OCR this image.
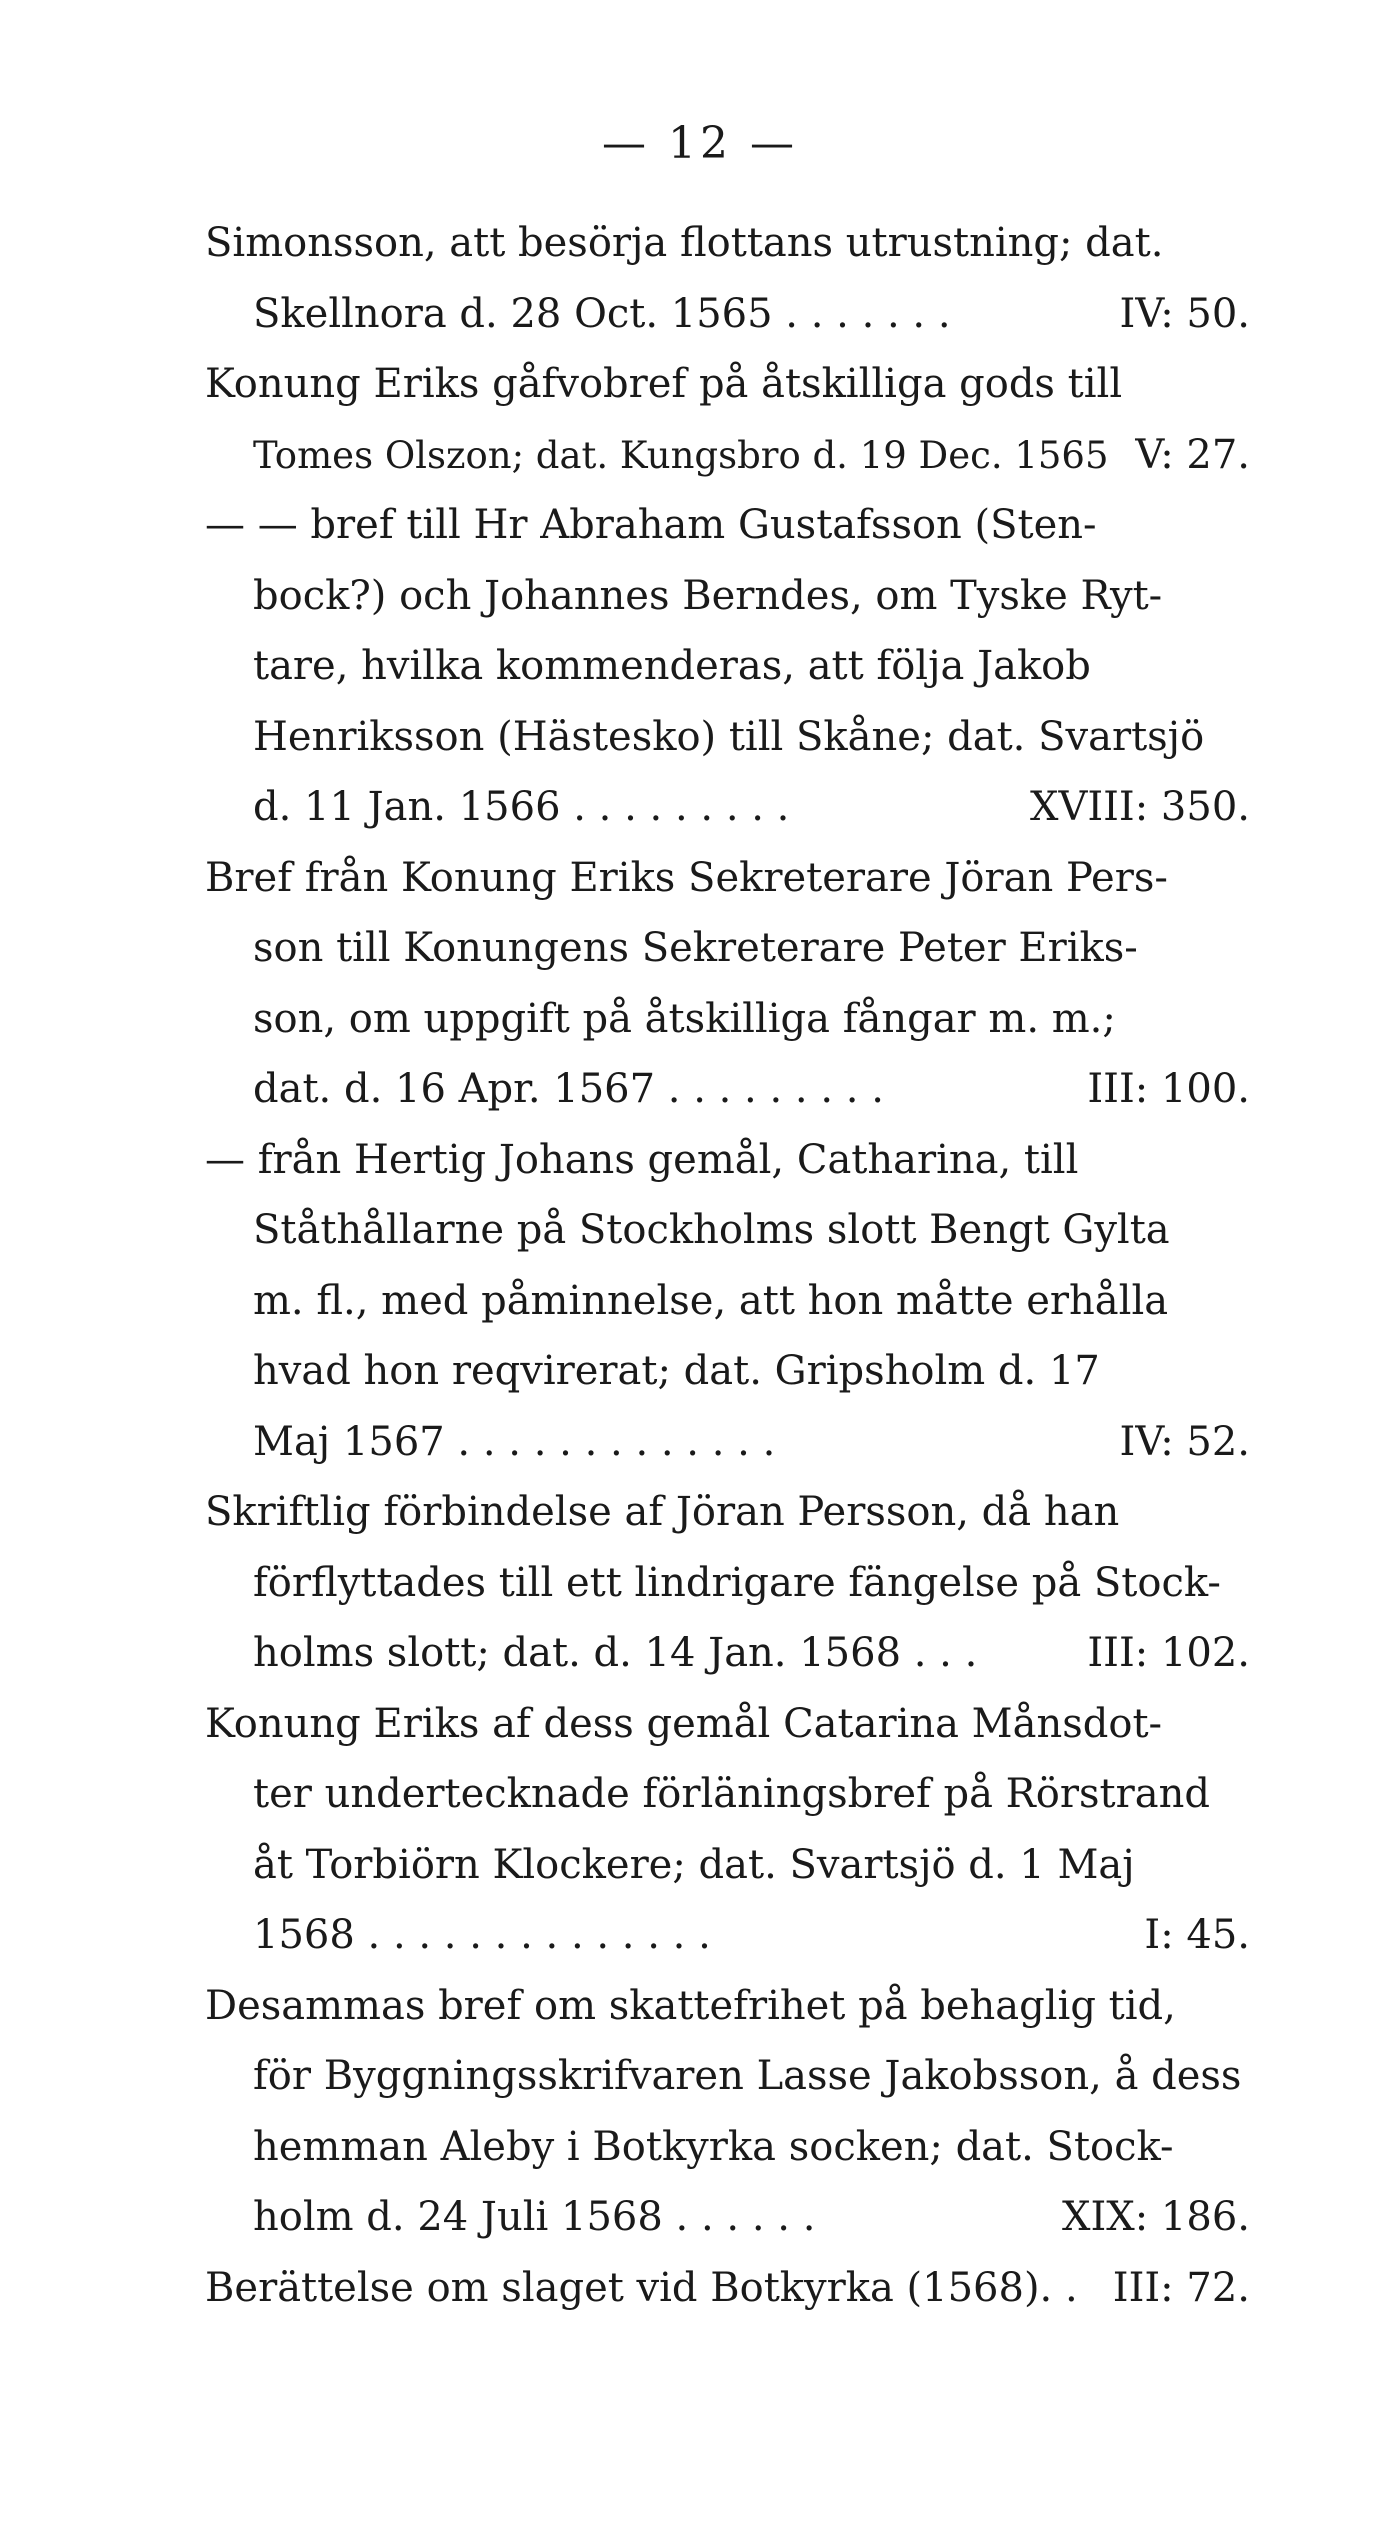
— 12 —
Simonsson, att besörja flottans utrustning; dat.
Skellnora d. 28 Oct. 1565 . . . . . . .	IV: 50.
Konung Eriks gåfvobref på åtskilliga gods till
Tomes Olszon; dat. Kungsbro d. 19 Dec. 1565 V: 27.
— — bref till Hr Abraham Gustafsson (Sten-
bock?) och Johannes Berndes, om Tyske Ryt-
tare, hvilka kommenderas, att följa Jakob
Henriksson (Hästesko) till Skåne; dat. Svartsjö
d. 11 Jan. 1566 . . . . . . . . .	XVIII: 350.
Bref från Konung Eriks Sekreterare Jöran Pers-
son till Konungens Sekreterare Peter Eriks-
son, om uppgift på åtskilliga fångar m. m.;
dat. d. 16 Apr. 1567 . . . . . . . . .	III: 100.
— från Hertig Johans gemål, Catharina, till
Ståthållarne på Stockholms slott Bengt Gylta
m. fl., med påminnelse, att hon måtte erhålla
hvad hon reqvirerat; dat. Gripsholm d. 17
Maj 1567 . . . . . . . . . . . . .	IV: 52.
Skriftlig förbindelse af Jöran Persson, då han
förflyttades till ett lindrigare fängelse på Stock-
holms slott; dat. d. 14 Jan. 1568 . . .	III: 102.
Konung Eriks af dess gemål Catarina Månsdot-
ter undertecknade förläningsbref på Rörstrand
åt Torbiörn Klockere; dat. Svartsjö d. 1 Maj
1568 . . . . . . . . . . . . . .	I: 45.
Desammas bref om skattefrihet på behaglig tid,
för Byggningsskrifvaren Lasse Jakobsson, å dess
hemman Aleby i Botkyrka socken; dat. Stock-
holm d. 24 Juli 1568 . . . . . .	XIX: 186.
Berättelse om slaget vid Botkyrka (1568). . III: 72.
